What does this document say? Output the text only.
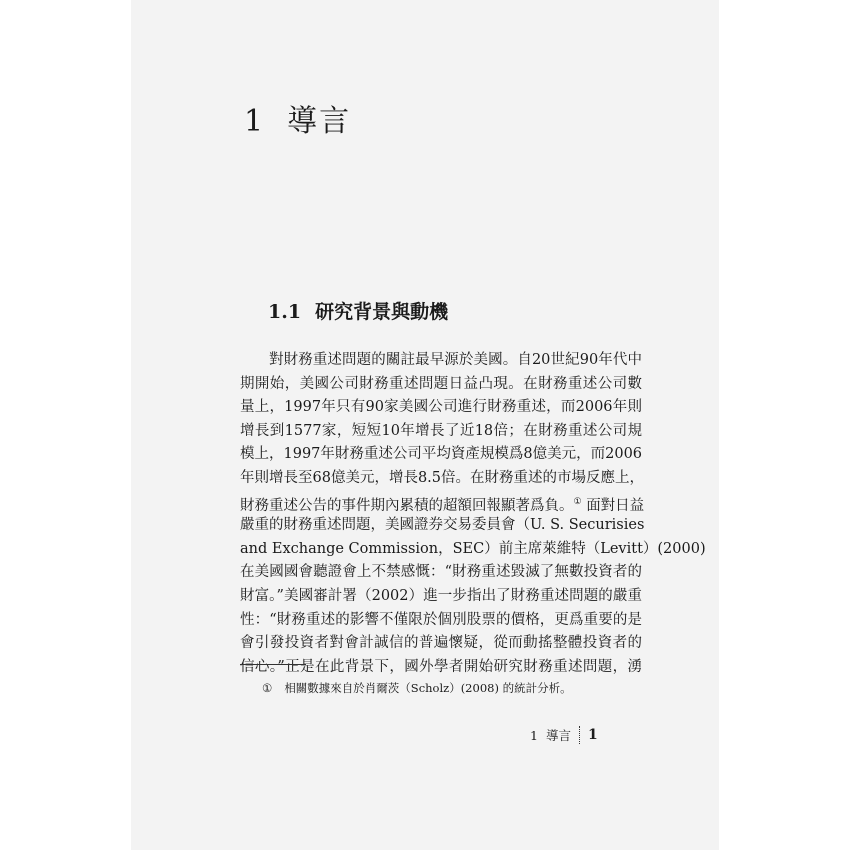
1 導言
1.1 研究背景與動機
對財務重述問題的關註最早源於美國。自20世紀90年代中
期開始，美國公司財務重述問題日益凸現。在財務重述公司數
量上，1997年只有90家美國公司進行財務重述，而2006年則
增長到1577家，短短10年增長了近18倍；在財務重述公司規
模上，1997年財務重述公司平均資產規模爲8億美元，而2006
年則增長至68億美元，增長8.5倍。在財務重述的市場反應上，
財務重述公告的事件期內累積的超額回報顯著爲負。① 面對日益
嚴重的財務重述問題，美國證券交易委員會（U. S. Securisies
and Exchange Commission，SEC）前主席萊維特（Levitt）(2000)
在美國國會聽證會上不禁感慨：“財務重述毀滅了無數投資者的
財富。”美國審計署（2002）進一步指出了財務重述問題的嚴重
性：“財務重述的影響不僅限於個別股票的價格，更爲重要的是
會引發投資者對會計誠信的普遍懷疑，從而動搖整體投資者的
信心。”正是在此背景下，國外學者開始研究財務重述問題，湧
① 相關數據來自於肖爾茨（Scholz）(2008) 的統計分析。
1 導言 1
